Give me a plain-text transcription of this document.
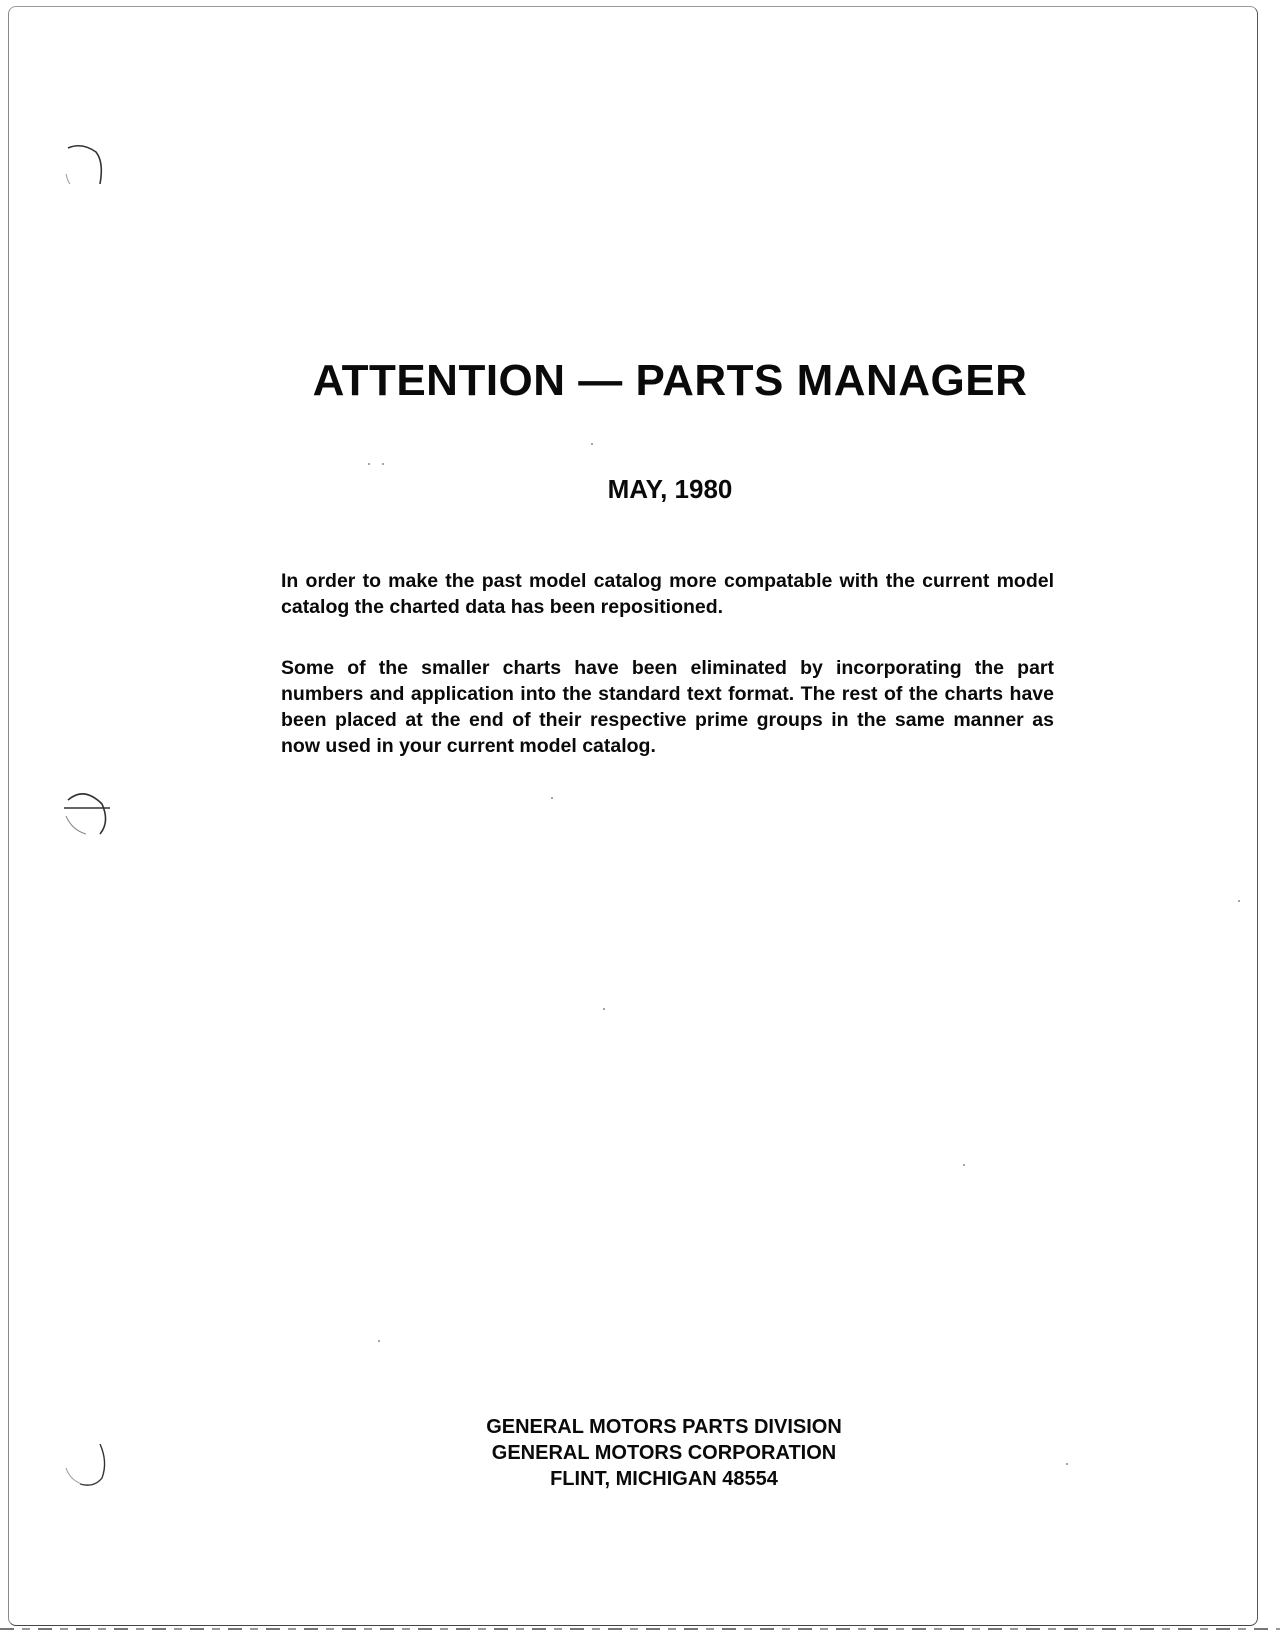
ATTENTION — PARTS MANAGER
MAY, 1980

In order to make the past model catalog more compatable with the current model catalog the charted data has been repositioned.

Some of the smaller charts have been eliminated by incorporating the part numbers and application into the standard text format. The rest of the charts have been placed at the end of their respective prime groups in the same manner as now used in your current model catalog.

GENERAL MOTORS PARTS DIVISION
GENERAL MOTORS CORPORATION
FLINT, MICHIGAN 48554
